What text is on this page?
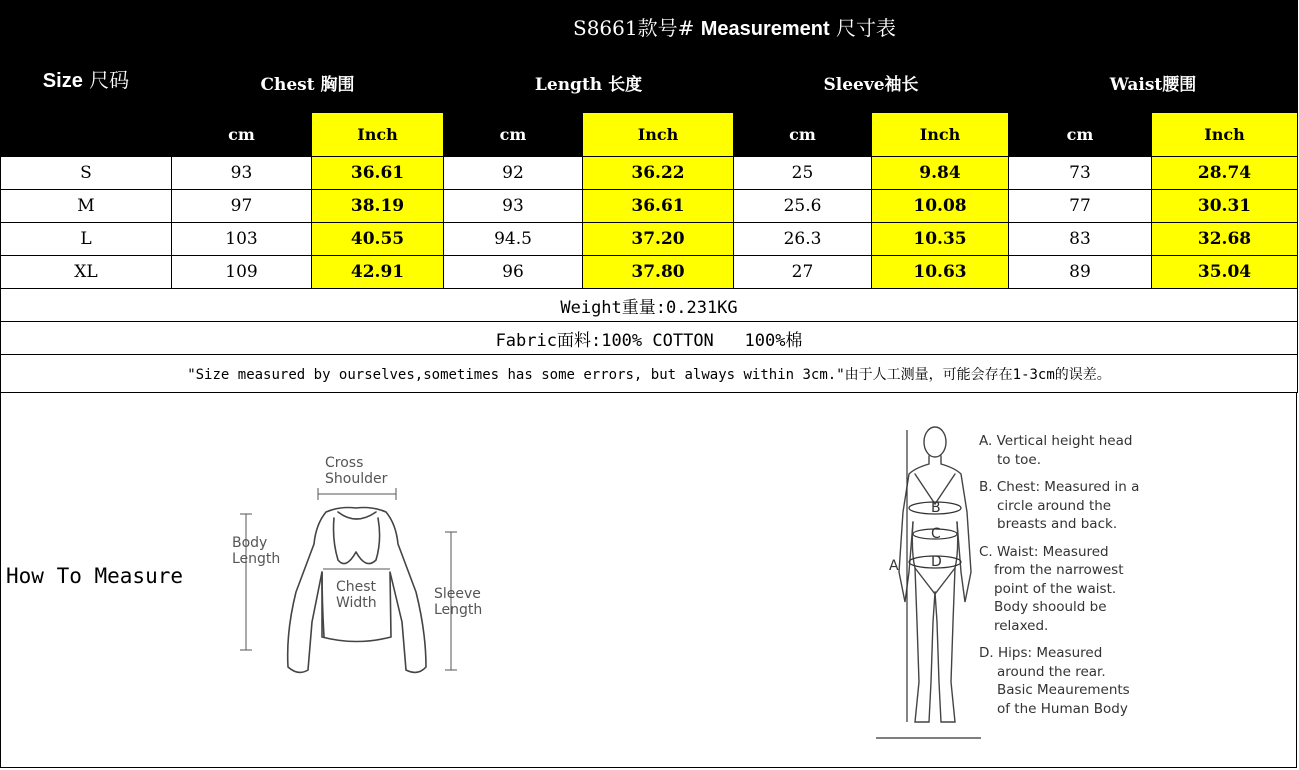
Size 尺码	S8661款号# Measurement 尺寸表							
	Chest 胸围		Length 长度		Sleeve袖长		Waist腰围	
	cm	Inch	cm	Inch	cm	Inch	cm	Inch
S	93	36.61	92	36.22	25	9.84	73	28.74
M	97	38.19	93	36.61	25.6	10.08	77	30.31
L	103	40.55	94.5	37.20	26.3	10.35	83	32.68
XL	109	42.91	96	37.80	27	10.63	89	35.04
Weight重量:0.231KG								
Fabric面料:100% COTTON   100%棉								
"Size measured by ourselves,sometimes has some errors, but always within 3cm."由于人工测量，可能会存在1-3cm的误差。								
How To Measure
Cross
Shoulder
Body
Length
Chest
Width
Sleeve
Length
A
B
C
D
A. Vertical height head

to toe.
B. Chest: Measured in a

circle around the
breasts and back.
C. Waist: Measured

from the narrowest
point of the waist.
Body shoould be
relaxed.
D. Hips: Measured

around the rear.
Basic Meaurements
of the Human Body
